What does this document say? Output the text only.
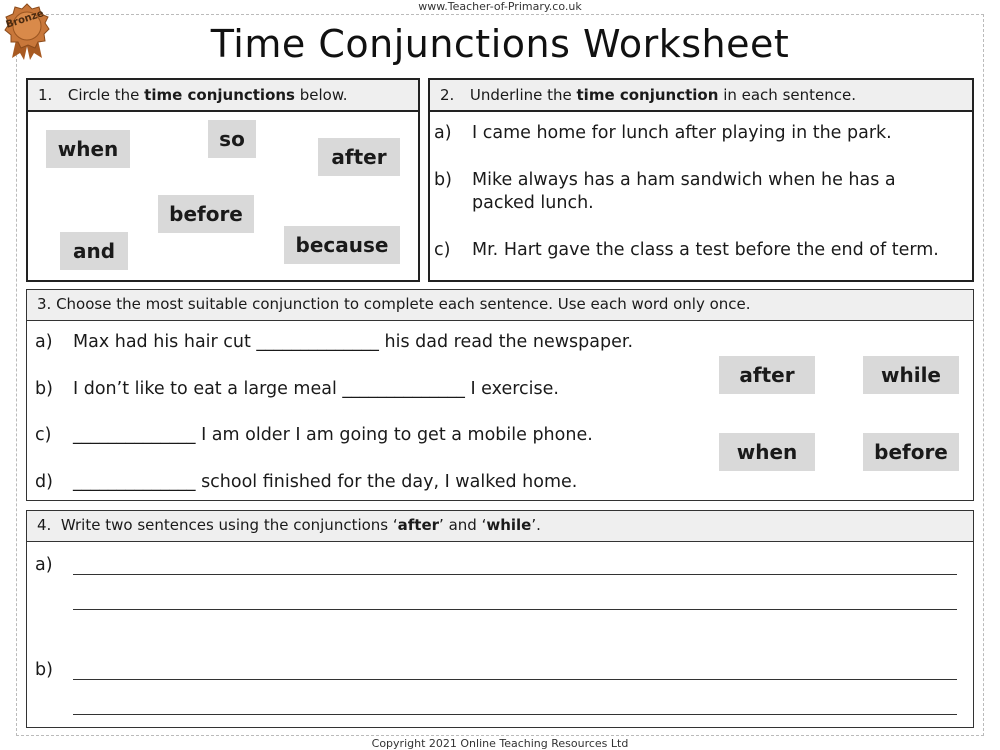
www.Teacher-of-Primary.co.uk
Bronze
Time Conjunctions Worksheet
1. Circle the time conjunctions below.
when	so
after
before
and	because
2. Underline the time conjunction in each sentence.
a) I came home for lunch after playing in the park.
b) Mike always has a ham sandwich when he has a
packed lunch.
c) Mr. Hart gave the class a test before the end of term.
3. Choose the most suitable conjunction to complete each sentence. Use each word only once.
a) Max had his hair cut ______________ his dad read the newspaper.
b) I don’t like to eat a large meal ______________ I exercise.
c) ______________ I am older I am going to get a mobile phone.
d) ______________ school finished for the day, I walked home.
after	while
when	before
4.  Write two sentences using the conjunctions ‘after’ and ‘while’.
a)
b)
Copyright 2021 Online Teaching Resources Ltd
